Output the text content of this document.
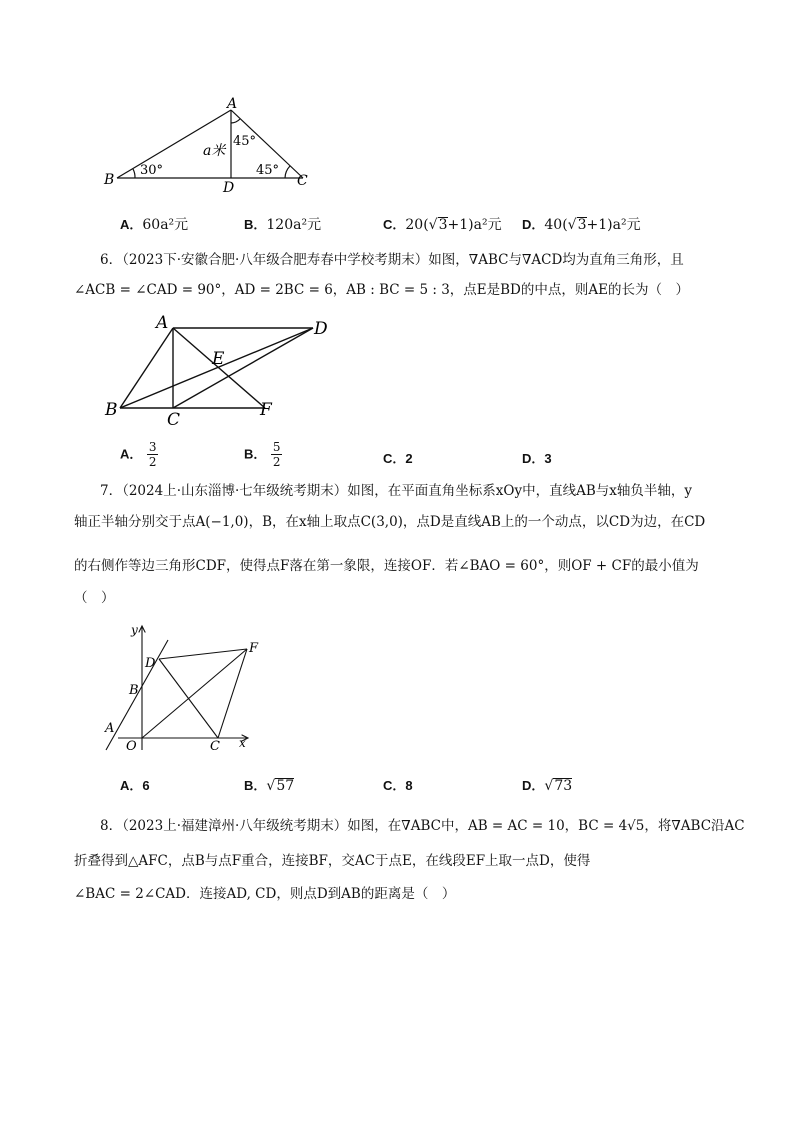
A
B	C
D
a米
30°
45°
45°
A．60a²元	B．120a²元	C．20(√3+1)a²元 D．40(√3+1)a²元
6．（2023下·安徽合肥·八年级合肥寿春中学校考期末）如图，∇ABC与∇ACD均为直角三角形，且
∠ACB = ∠CAD = 90°，AD = 2BC = 6，AB : BC = 5 : 3，点E是BD的中点，则AE的长为（　）
A
B	C
D
E
F
A． $\frac{3}{2}$	B． $\frac{5}{2}$	C．2	D．3
7．（2024上·山东淄博·七年级统考期末）如图，在平面直角坐标系xOy中，直线AB与x轴负半轴，y
轴正半轴分别交于点A(−1,0)，B，在x轴上取点C(3,0)，点D是直线AB上的一个动点，以CD为边，在CD
的右侧作等边三角形CDF，使得点F落在第一象限，连接OF．若∠BAO = 60°，则OF + CF的最小值为
（　）
y
x
O
A
B
C
D
F
A．6	B．√57	C．8	D．√73
8．（2023上·福建漳州·八年级统考期末）如图，在∇ABC中，AB = AC = 10，BC = 4√5，将∇ABC沿AC
折叠得到△AFC，点B与点F重合，连接BF，交AC于点E，在线段EF上取一点D，使得
∠BAC = 2∠CAD．连接AD, CD，则点D到AB的距离是（　）
